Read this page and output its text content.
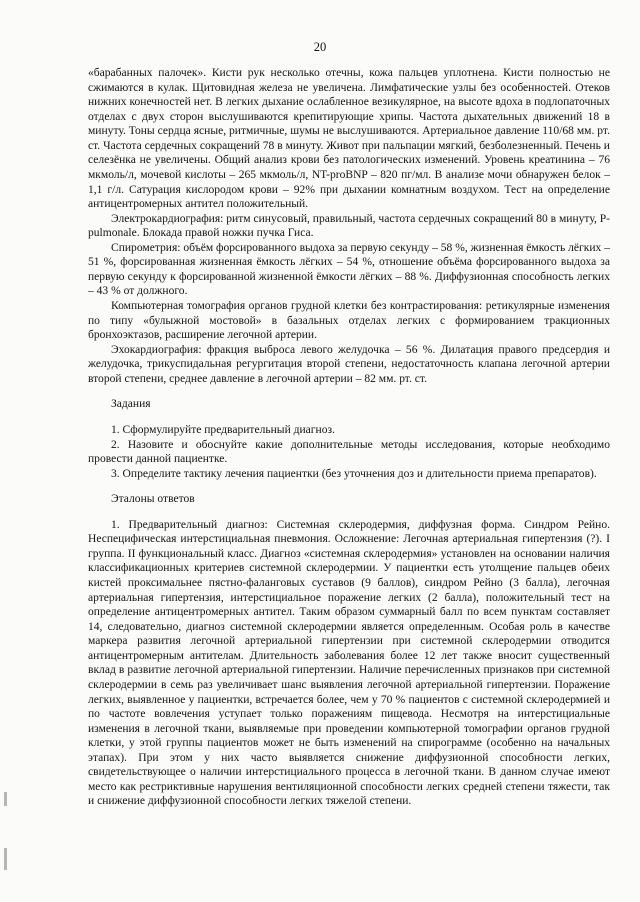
20

«барабанных палочек». Кисти рук несколько отечны, кожа пальцев уплотнена. Кисти полностью не сжимаются в кулак. Щитовидная железа не увеличена. Лимфатические узлы без особенностей. Отеков нижних конечностей нет. В легких дыхание ослабленное везикулярное, на высоте вдоха в подлопаточных отделах с двух сторон выслушиваются крепитирующие хрипы. Частота дыхательных движений 18 в минуту. Тоны сердца ясные, ритмичные, шумы не выслушиваются. Артериальное давление 110/68 мм. рт. ст. Частота сердечных сокращений 78 в минуту. Живот при пальпации мягкий, безболезненный. Печень и селезёнка не увеличены. Общий анализ крови без патологических изменений. Уровень креатинина – 76 мкмоль/л, мочевой кислоты – 265 мкмоль/л, NT-proBNP – 820 пг/мл. В анализе мочи обнаружен белок – 1,1 г/л. Сатурация кислородом крови – 92% при дыхании комнатным воздухом. Тест на определение антицентромерных антител положительный.

Электрокардиография: ритм синусовый, правильный, частота сердечных сокращений 80 в минуту, P-pulmonale. Блокада правой ножки пучка Гиса.

Спирометрия: объём форсированного выдоха за первую секунду – 58 %, жизненная ёмкость лёгких – 51 %, форсированная жизненная ёмкость лёгких – 54 %, отношение объёма форсированного выдоха за первую секунду к форсированной жизненной ёмкости лёгких – 88 %. Диффузионная способность легких – 43 % от должного.

Компьютерная томография органов грудной клетки без контрастирования: ретикулярные изменения по типу «булыжной мостовой» в базальных отделах легких с формированием тракционных бронхоэктазов, расширение легочной артерии.

Эхокардиография: фракция выброса левого желудочка – 56 %. Дилатация правого предсердия и желудочка, трикуспидальная регургитация второй степени, недостаточность клапана легочной артерии второй степени, среднее давление в легочной артерии – 82 мм. рт. ст.

Задания

1. Сформулируйте предварительный диагноз.

2. Назовите и обоснуйте какие дополнительные методы исследования, которые необходимо провести данной пациентке.

3. Определите тактику лечения пациентки (без уточнения доз и длительности приема препаратов).

Эталоны ответов

1. Предварительный диагноз: Системная склеродермия, диффузная форма. Синдром Рейно. Неспецифическая интерстициальная пневмония. Осложнение: Легочная артериальная гипертензия (?). I группа. II функциональный класс. Диагноз «системная склеродермия» установлен на основании наличия классификационных критериев системной склеродермии. У пациентки есть утолщение пальцев обеих кистей проксимальнее пястно-фаланговых суставов (9 баллов), синдром Рейно (3 балла), легочная артериальная гипертензия, интерстициальное поражение легких (2 балла), положительный тест на определение антицентромерных антител. Таким образом суммарный балл по всем пунктам составляет 14, следовательно, диагноз системной склеродермии является определенным. Особая роль в качестве маркера развития легочной артериальной гипертензии при системной склеродермии отводится антицентромерным антителам. Длительность заболевания более 12 лет также вносит существенный вклад в развитие легочной артериальной гипертензии. Наличие перечисленных признаков при системной склеродермии в семь раз увеличивает шанс выявления легочной артериальной гипертензии. Поражение легких, выявленное у пациентки, встречается более, чем у 70 % пациентов с системной склеродермией и по частоте вовлечения уступает только поражениям пищевода. Несмотря на интерстициальные изменения в легочной ткани, выявляемые при проведении компьютерной томографии органов грудной клетки, у этой группы пациентов может не быть изменений на спирограмме (особенно на начальных этапах). При этом у них часто выявляется снижение диффузионной способности легких, свидетельствующее о наличии интерстициального процесса в легочной ткани. В данном случае имеют место как рестриктивные нарушения вентиляционной способности легких средней степени тяжести, так и снижение диффузионной способности легких тяжелой степени.
